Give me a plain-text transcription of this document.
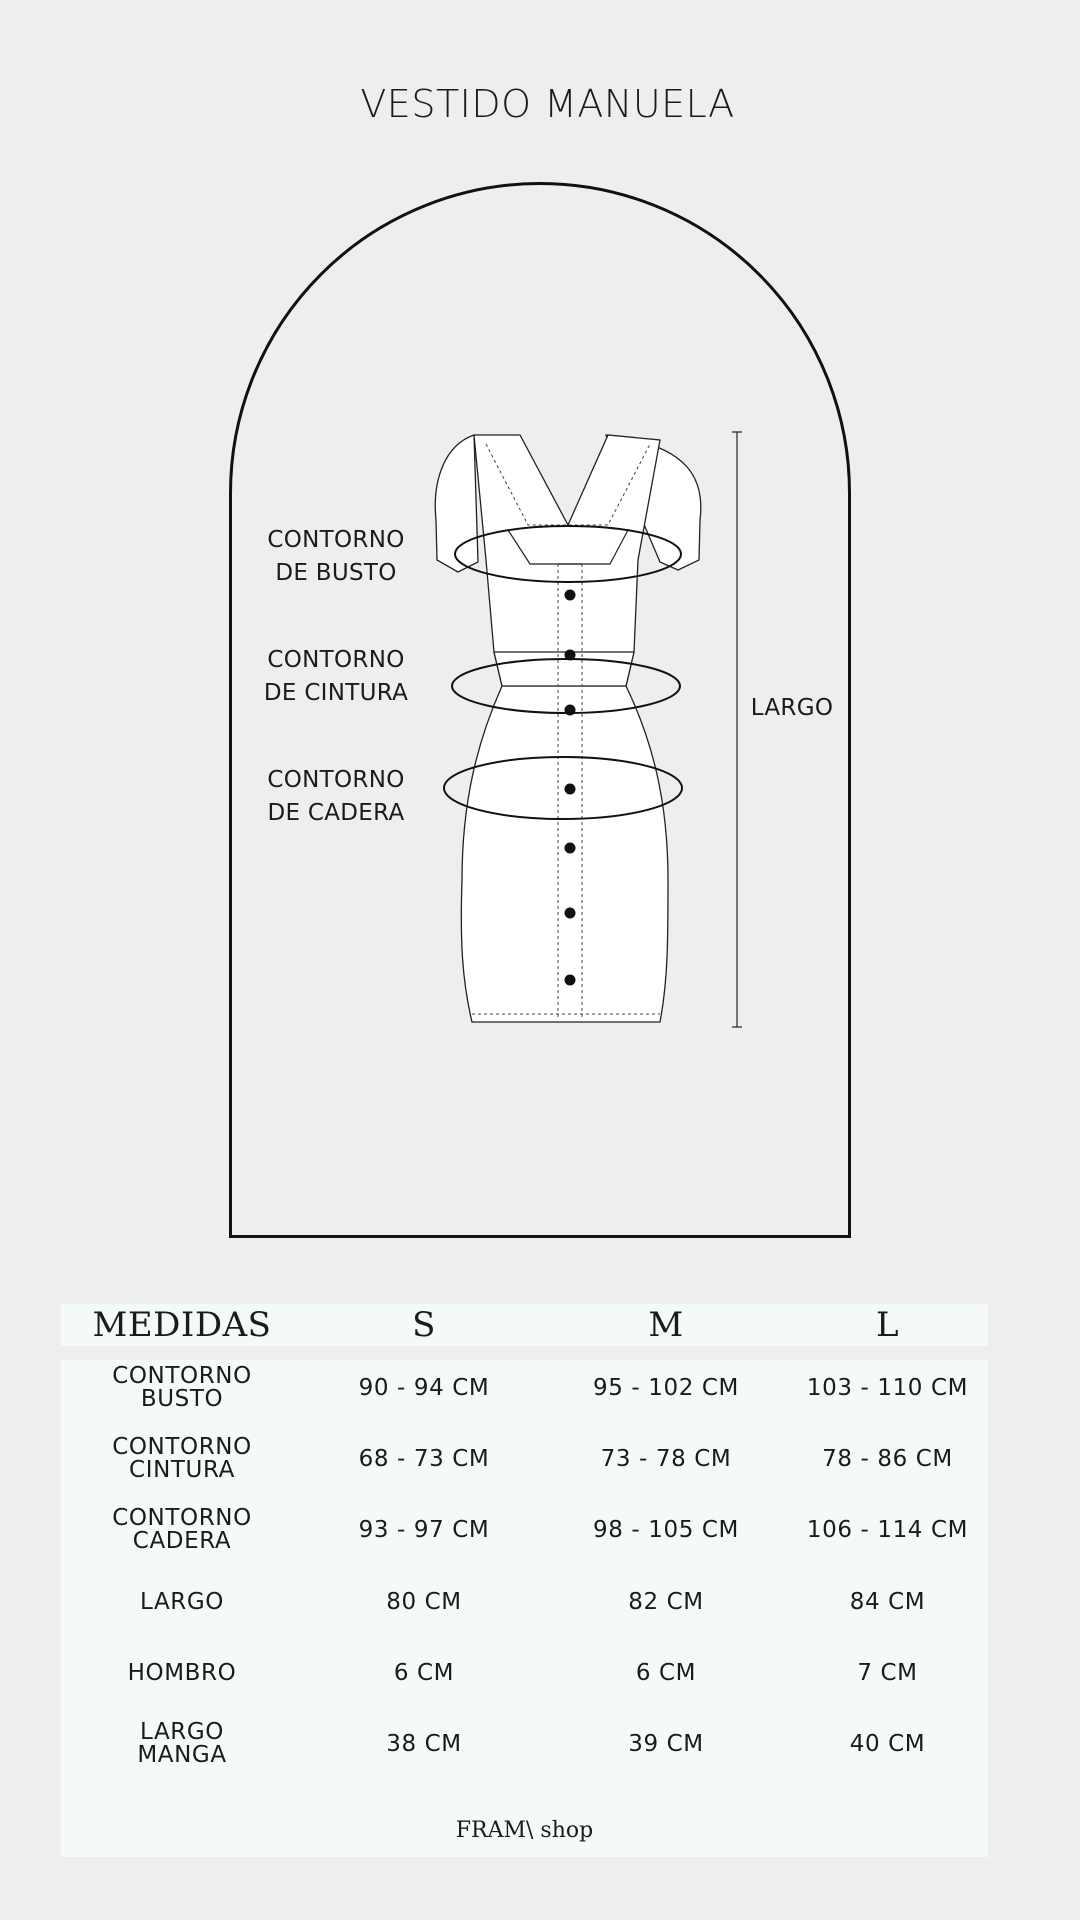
VESTIDO MANUELA
CONTORNO
DE BUSTO
CONTORNO
DE CINTURA
CONTORNO
DE CADERA
LARGO
MEDIDAS	S	M	L
CONTORNO
BUSTO	90 - 94 CM	95 - 102 CM	103 - 110 CM
CONTORNO
CINTURA	68 - 73 CM	73 - 78 CM	78 - 86 CM
CONTORNO
CADERA	93 - 97 CM	98 - 105 CM	106 - 114 CM
LARGO	80 CM	82 CM	84 CM
HOMBRO	6 CM	6 CM	7 CM
LARGO
MANGA	38 CM	39 CM	40 CM
FRAM\ shop
